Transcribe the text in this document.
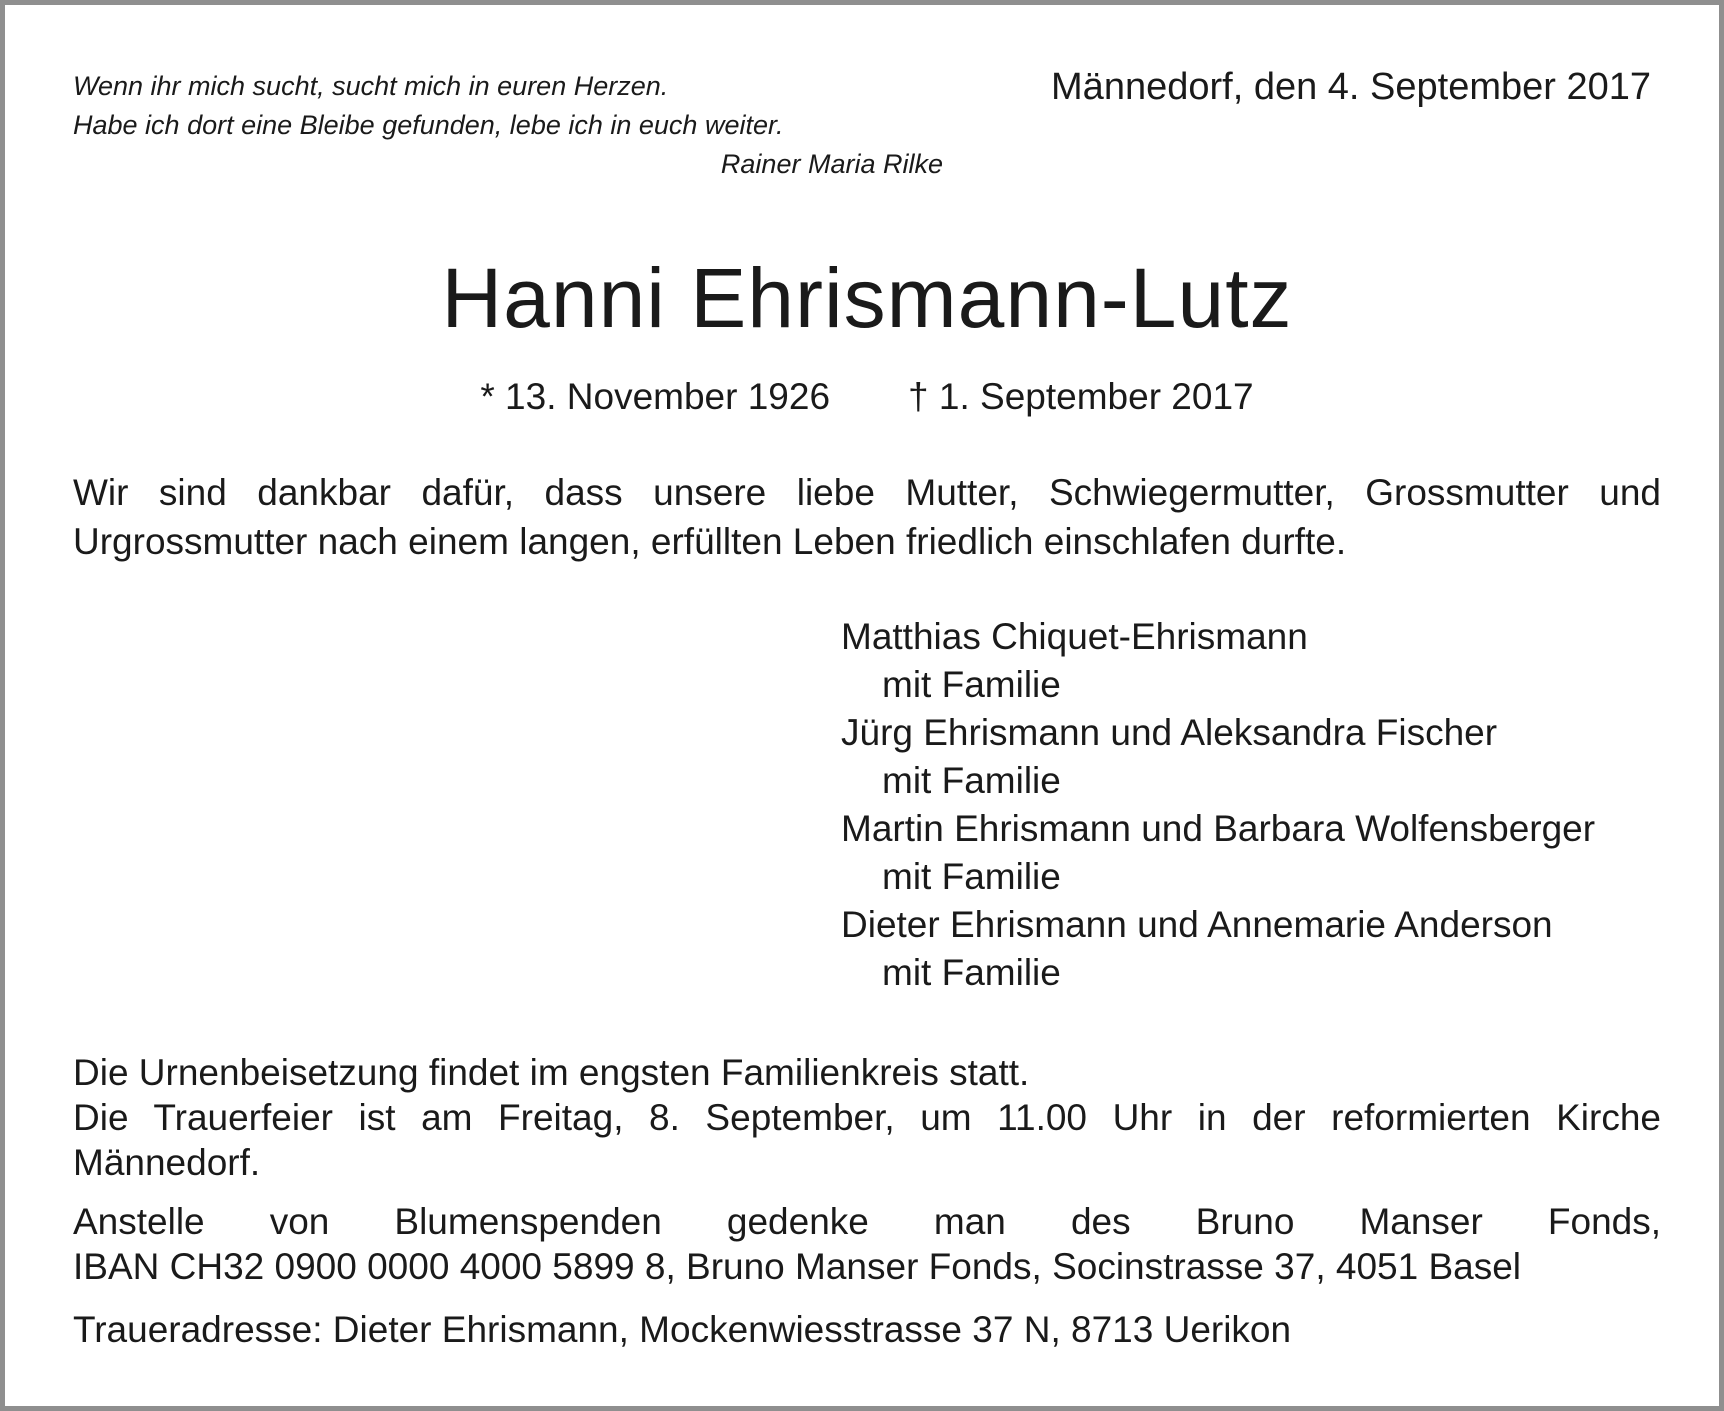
Wenn ihr mich sucht, sucht mich in euren Herzen.
Habe ich dort eine Bleibe gefunden, lebe ich in euch weiter.
Rainer Maria Rilke
Männedorf, den 4. September 2017
Hanni Ehrismann-Lutz
* 13. November 1926 † 1. September 2017
Wir sind dankbar dafür, dass unsere liebe Mutter, Schwiegermutter, Grossmutter und
Urgrossmutter nach einem langen, erfüllten Leben friedlich einschlafen durfte.
Matthias Chiquet-Ehrismann
mit Familie
Jürg Ehrismann und Aleksandra Fischer
mit Familie
Martin Ehrismann und Barbara Wolfensberger
mit Familie
Dieter Ehrismann und Annemarie Anderson
mit Familie
Die Urnenbeisetzung findet im engsten Familienkreis statt.
Die Trauerfeier ist am Freitag, 8. September, um 11.00 Uhr in der reformierten Kirche
Männedorf.
Anstelle von Blumenspenden gedenke man des Bruno Manser Fonds,
IBAN CH32 0900 0000 4000 5899 8, Bruno Manser Fonds, Socinstrasse 37, 4051 Basel
Traueradresse: Dieter Ehrismann, Mockenwiesstrasse 37 N, 8713 Uerikon
